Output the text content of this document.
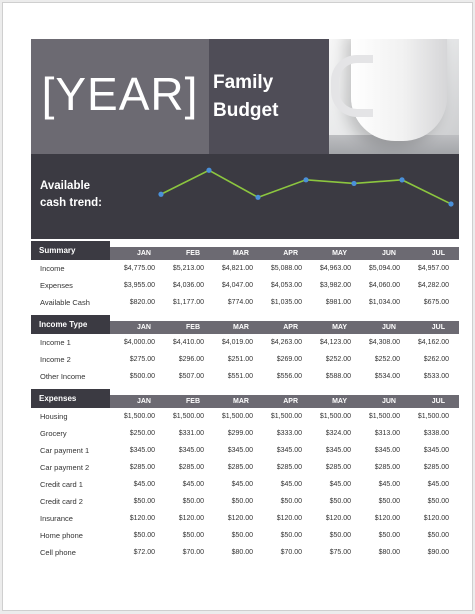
[YEAR] Family
Budget
Available
cash trend:
Summary	JAN	FEB	MAR	APR	MAY	JUN	JUL
Income	$4,775.00	$5,213.00	$4,821.00	$5,088.00	$4,963.00	$5,094.00	$4,957.00
Expenses	$3,955.00	$4,036.00	$4,047.00	$4,053.00	$3,982.00	$4,060.00	$4,282.00
Available Cash	$820.00	$1,177.00	$774.00	$1,035.00	$981.00	$1,034.00	$675.00
Income Type	JAN	FEB	MAR	APR	MAY	JUN	JUL
Income 1	$4,000.00	$4,410.00	$4,019.00	$4,263.00	$4,123.00	$4,308.00	$4,162.00
Income 2	$275.00	$296.00	$251.00	$269.00	$252.00	$252.00	$262.00
Other Income	$500.00	$507.00	$551.00	$556.00	$588.00	$534.00	$533.00
Expenses	JAN	FEB	MAR	APR	MAY	JUN	JUL
Housing	$1,500.00	$1,500.00	$1,500.00	$1,500.00	$1,500.00	$1,500.00	$1,500.00
Grocery	$250.00	$331.00	$299.00	$333.00	$324.00	$313.00	$338.00
Car payment 1	$345.00	$345.00	$345.00	$345.00	$345.00	$345.00	$345.00
Car payment 2	$285.00	$285.00	$285.00	$285.00	$285.00	$285.00	$285.00
Credit card 1	$45.00	$45.00	$45.00	$45.00	$45.00	$45.00	$45.00
Credit card 2	$50.00	$50.00	$50.00	$50.00	$50.00	$50.00	$50.00
Insurance	$120.00	$120.00	$120.00	$120.00	$120.00	$120.00	$120.00
Home phone	$50.00	$50.00	$50.00	$50.00	$50.00	$50.00	$50.00
Cell phone	$72.00	$70.00	$80.00	$70.00	$75.00	$80.00	$90.00
